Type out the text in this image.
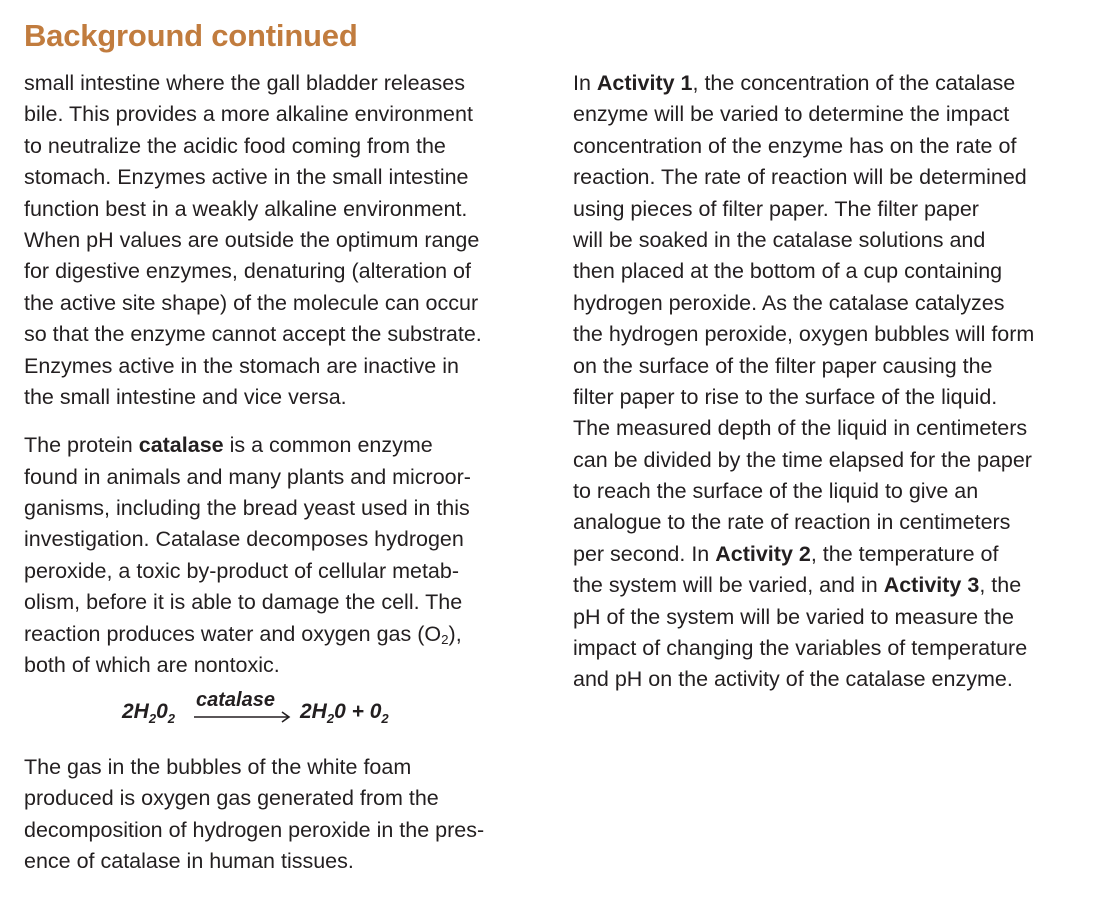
Background continued
small intestine where the gall bladder releases
bile. This provides a more alkaline environment
to neutralize the acidic food coming from the
stomach. Enzymes active in the small intestine
function best in a weakly alkaline environment.
When pH values are outside the optimum range
for digestive enzymes, denaturing (alteration of
the active site shape) of the molecule can occur
so that the enzyme cannot accept the substrate.
Enzymes active in the stomach are inactive in
the small intestine and vice versa.
The protein catalase is a common enzyme
found in animals and many plants and microor-
ganisms, including the bread yeast used in this
investigation. Catalase decomposes hydrogen
peroxide, a toxic by-product of cellular metab-
olism, before it is able to damage the cell. The
reaction produces water and oxygen gas $(O_2)$,
both of which are nontoxic.
$2H_20_2$
catalase $2H_20 + 0_2$
The gas in the bubbles of the white foam
produced is oxygen gas generated from the
decomposition of hydrogen peroxide in the pres-
ence of catalase in human tissues.
In Activity 1, the concentration of the catalase
enzyme will be varied to determine the impact
concentration of the enzyme has on the rate of
reaction. The rate of reaction will be determined
using pieces of filter paper. The filter paper
will be soaked in the catalase solutions and
then placed at the bottom of a cup containing
hydrogen peroxide. As the catalase catalyzes
the hydrogen peroxide, oxygen bubbles will form
on the surface of the filter paper causing the
filter paper to rise to the surface of the liquid.
The measured depth of the liquid in centimeters
can be divided by the time elapsed for the paper
to reach the surface of the liquid to give an
analogue to the rate of reaction in centimeters
per second. In Activity 2, the temperature of
the system will be varied, and in Activity 3, the
pH of the system will be varied to measure the
impact of changing the variables of temperature
and pH on the activity of the catalase enzyme.
